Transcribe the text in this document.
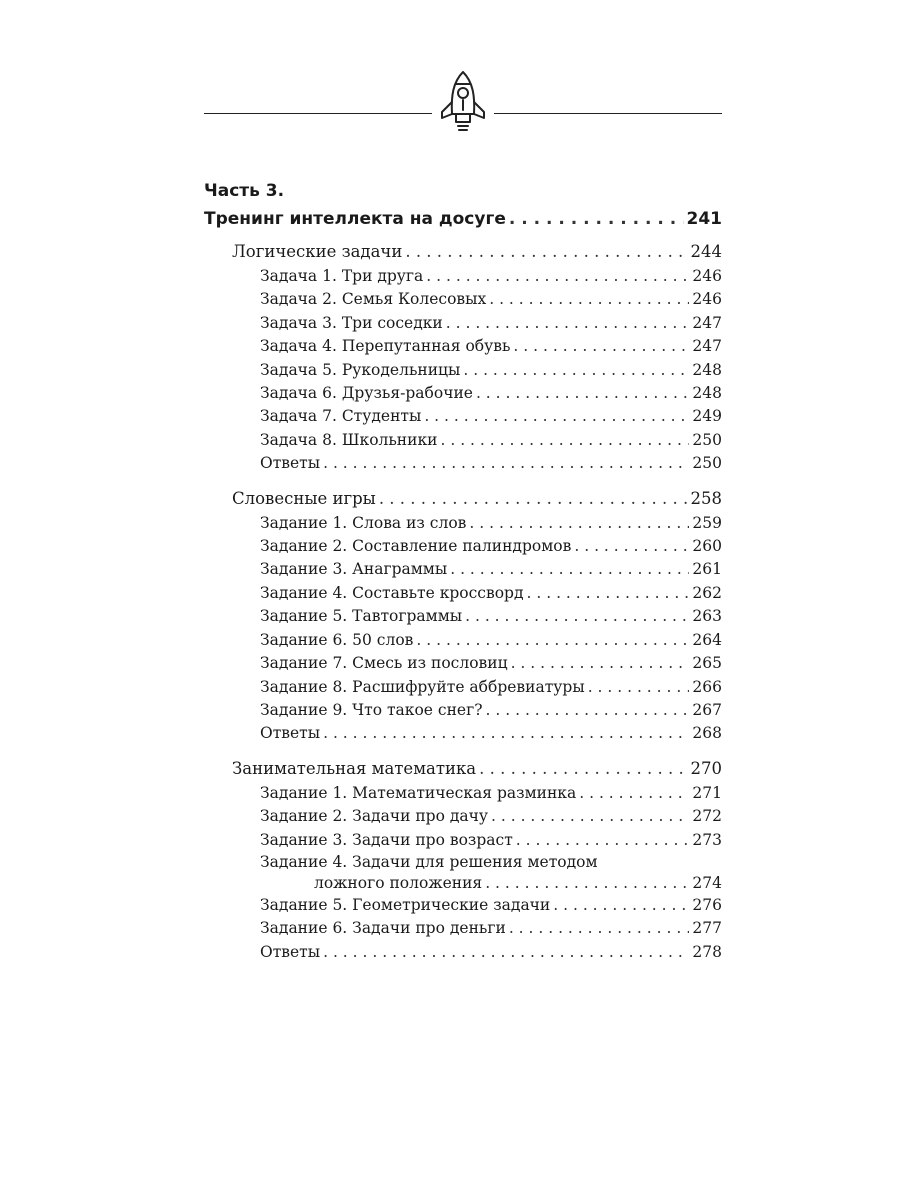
Часть 3.
Тренинг интеллекта на досуге . . .	241
Логические задачи . . .	244
Задача 1. Три друга . . .	246
Задача 2. Семья Колесовых . . .	246
Задача 3. Три соседки . . .	247
Задача 4. Перепутанная обувь . . .	247
Задача 5. Рукодельницы . . .	248
Задача 6. Друзья-рабочие . . .	248
Задача 7. Студенты . . .	249
Задача 8. Школьники . . .	250
Ответы . . .	250
Словесные игры . . .	258
Задание 1. Слова из слов . . .	259
Задание 2. Составление палиндромов . . .	260
Задание 3. Анаграммы . . .	261
Задание 4. Составьте кроссворд . . .	262
Задание 5. Тавтограммы . . .	263
Задание 6. 50 слов . . .	264
Задание 7. Смесь из пословиц . . .	265
Задание 8. Расшифруйте аббревиатуры . . .	266
Задание 9. Что такое снег? . . .	267
Ответы . . .	268
Занимательная математика . . .	270
Задание 1. Математическая разминка . . .	271
Задание 2. Задачи про дачу . . .	272
Задание 3. Задачи про возраст . . .	273
Задание 4. Задачи для решения методом
ложного положения . . .	274
Задание 5. Геометрические задачи . . .	276
Задание 6. Задачи про деньги . . .	277
Ответы . . .	278
